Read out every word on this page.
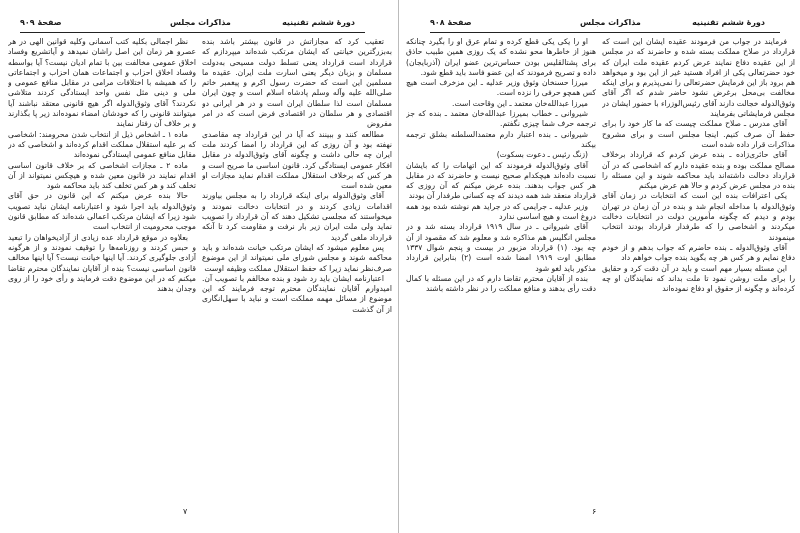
دورهٔ ششم تقنینیه
مذاکرات مجلس
صفحهٔ ۹۰۹

تعقیب کرد که مجازاتش در قانون بیشتر باشد بنده به‌بزرگترین خیانتی که ایشان مرتکب شده‌اند میپردازم که قرارداد است قرارداد یعنی تسلط دولت مسیحی به‌دولت مسلمان و بزبان دیگر یعنی اسارت ملت ایران. عقیده ما مسلمین این است که حضرت رسول اکرم و پیغمبر خاتم صلی‌الله علیه وآله وسلم پادشاه اسلام است و چون ایران مسلمان است لذا سلطان ایران است و در هر ایرانی دو اقتصادی و هر سلطان در اقتصادی فرض است که در امر مفروض

مطالعه کنند و ببینند که آیا در این قرارداد چه مقاصدی نهفته بود و آن روزی که این قرارداد را امضا کردند ملت ایران چه حالی داشت و چگونه آقای وثوق‌الدوله در مقابل افکار عمومی ایستادگی کرد. قانون اساسی ما صریح است و هر کس که برخلاف استقلال مملکت اقدام نماید مجازات او معین شده است

آقای وثوق‌الدوله برای اینکه قرارداد را به مجلس بیاورند اقدامات زیادی کردند و در انتخابات دخالت نمودند و میخواستند که مجلسی تشکیل دهند که آن قرارداد را تصویب نماید ولی ملت ایران زیر بار نرفت و مقاومت کرد تا آنکه قرارداد ملغی گردید

پس معلوم میشود که ایشان مرتکب خیانت شده‌اند و باید محاکمه شوند و مجلس شورای ملی نمیتواند از این موضوع صرف‌نظر نماید زیرا که حفظ استقلال مملکت وظیفه اوست

اعتبارنامه ایشان باید رد شود و بنده مخالفم با تصویب آن. امیدوارم آقایان نمایندگان محترم توجه فرمایند که این موضوع از مسائل مهمه مملکت است و نباید با سهل‌انگاری از آن گذشت

نظر اجمالی بکلیه کتب آسمانی وکلیه قوانین الهی در هر عصرو هر زمان این اصل راشان نمیدهد و آیاتشریع وفساد اخلاق عمومی مخالفت بین با تمام ادیان نیست؟ آیا بواسطه وفساد اخلاق احزاب و اجتماعات همان احزاب و اجتماعاتی را که همیشه با اختلافات مرامی در مقابل منافع عمومی و ملی و دینی مثل نفس واحد ایستادگی کردند متلاشی نکردند؟ آقای وثوق‌الدوله اگر هیچ قانونی معتقد نباشند آیا میتوانند قانونی را که خودشان امضاء نموده‌اند زیر پا بگذارند و بر خلاف آن رفتار نمایند

ماده ۱ ـ اشخاص ذیل از انتخاب شدن محرومند: اشخاصی که بر علیه استقلال مملکت اقدام کرده‌اند و اشخاصی که در مقابل منافع عمومی ایستادگی نموده‌اند

ماده ۲ ـ مجازات اشخاصی که بر خلاف قانون اساسی اقدام نمایند در قانون معین شده و هیچکس نمیتواند از آن تخلف کند و هر کس تخلف کند باید محاکمه شود

حالا بنده عرض میکنم که این قانون در حق آقای وثوق‌الدوله باید اجرا شود و اعتبارنامه ایشان نباید تصویب شود زیرا که ایشان مرتکب اعمالی شده‌اند که مطابق قانون موجب محرومیت از انتخاب است

بعلاوه در موقع قرارداد عده زیادی از آزادیخواهان را تبعید و حبس کردند و روزنامه‌ها را توقیف نمودند و از هرگونه آزادی جلوگیری کردند. آیا اینها خیانت نیست؟ آیا اینها مخالف قانون اساسی نیست؟ بنده از آقایان نمایندگان محترم تقاضا میکنم که در این موضوع دقت فرمایند و رأی خود را از روی وجدان بدهند

۷
دورهٔ ششم تقنینیه
مذاکرات مجلس
صفحهٔ ۹۰۸

فرمایند در جواب من فرمودند عقیده ایشان این است که قرارداد در صلاح مملکت بسته شده و حاضرند که در مجلس از این عقیده دفاع نمایند عرض کردم عقیده ملت ایران که خود حضرتعالی یکی از افراد هستید غیر از این بود و میخواهد هم برود باز این فرمایش حضرتعالی را نمی‌پذیرم و برای اینکه مخالفت بی‌محل برغرض نشود حاضر شدم که اگر آقای وثوق‌الدوله خجالت دارند آقای رئیس‌الوزراء با حضور ایشان در مجلس فرمایشاتی بفرمایند

آقای مدرس ـ صلاح مملکت چیست که ما کار خود را برای حفظ آن صرف کنیم. اینجا مجلس است و برای مشروح مذاکرات قرار داده شده است

آقای حائری‌زاده ـ بنده عرض کردم که قرارداد برخلاف مصالح مملکت بوده و بنده عقیده دارم که اشخاصی که در آن قرارداد دخالت داشته‌اند باید محاکمه شوند و این مسئله را بنده در مجلس عرض کردم و حالا هم عرض میکنم

یکی اعترافات بنده این است که انتخابات در زمان آقای وثوق‌الدوله با مداخله انجام شد و بنده در آن زمان در تهران بودم و دیدم که چگونه مأمورین دولت در انتخابات دخالت میکردند و اشخاصی را که طرفدار قرارداد بودند انتخاب مینمودند

آقای وثوق‌الدوله ـ بنده حاضرم که جواب بدهم و از خودم دفاع نمایم و هر کس هر چه بگوید بنده جواب خواهم داد

این مسئله بسیار مهم است و باید در آن دقت کرد و حقایق را برای ملت روشن نمود تا ملت بداند که نمایندگان او چه کرده‌اند و چگونه از حقوق او دفاع نموده‌اند

او را یکی یکی قطع کرده و تمام عرق او را بگیرد چنانکه هنوز از خاطرها محو نشده که یک روزی همین طبیب حاذق برای پشتالقلیس بودن حساس‌ترین عضو ایران (آذربایجان) داده و تصریح فرمودند که این عضو فاسد باید قطع شود.

میرزا حسنخان وثوق وزیر عدلیه ـ این مزخرف است هیچ کس همچو حرفی را نزده است.

میرزا عبدالله‌خان معتمد ـ این وقاحت است.

شیروانی ـ خطاب بمیرزا عبدالله‌خان معتمد ـ بنده که جز ترجمه حرف شما چیزی نگفتم.

شیروانی ـ بنده اعتبار دارم معتمدالسلطنه بشلق ترجمه بیکند

(زنگ رئیس ـ دعوت بسکوت)

آقای وثوق‌الدوله فرمودند که این اتهامات را که بایشان نسبت داده‌اند هیچکدام صحیح نیست و حاضرند که در مقابل هر کس جواب بدهند. بنده عرض میکنم که آن روزی که قرارداد منعقد شد همه دیدند که چه کسانی طرفدار آن بودند

وزیر عدلیه ـ جرایمی که در جراید هم نوشته شده بود همه دروغ است و هیچ اساسی ندارد

آقای شیروانی ـ در سال ۱۹۱۹ قرارداد بسته شد و در مجلس انگلیس هم مذاکره شد و معلوم شد که مقصود از آن چه بود. (۱) قرارداد مزبور در بیست و پنجم شوال ۱۳۳۷ مطابق اوت ۱۹۱۹ امضا شده است (۲) بنابراین قرارداد مذکور باید لغو شود

بنده از آقایان محترم تقاضا دارم که در این مسئله با کمال دقت رأی بدهند و منافع مملکت را در نظر داشته باشند

۶
